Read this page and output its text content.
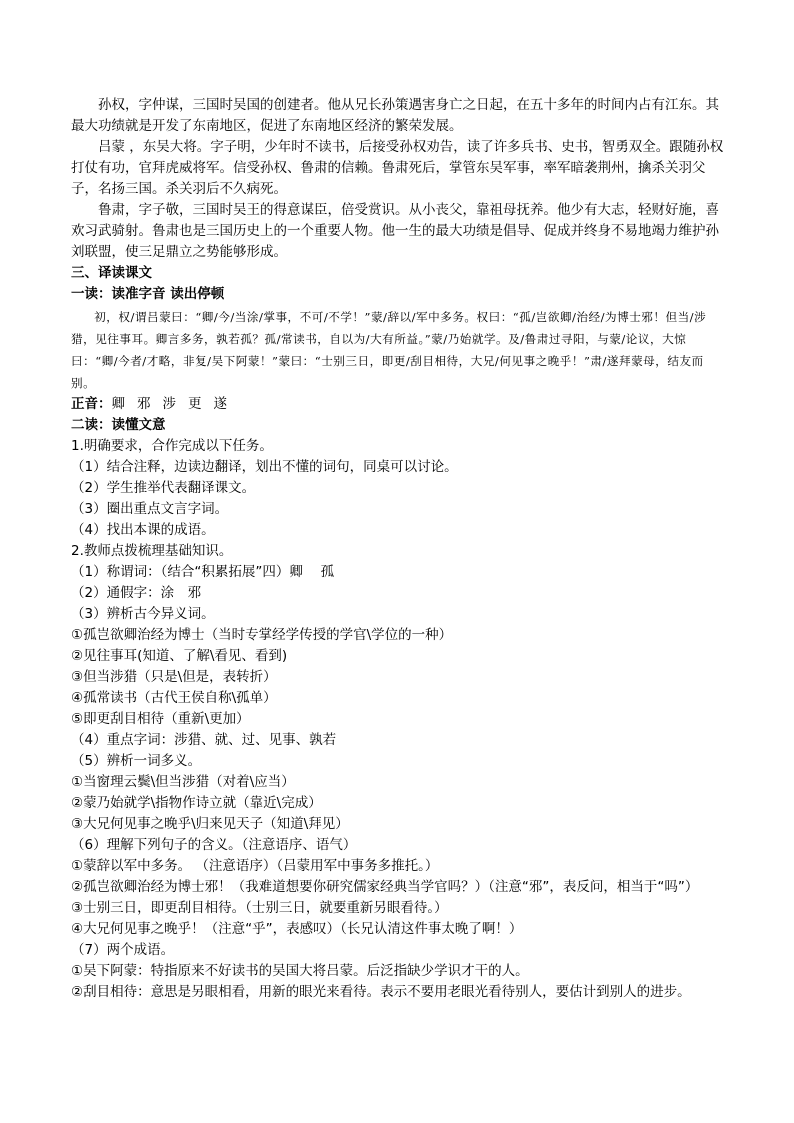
孙权，字仲谋，三国时吴国的创建者。他从兄长孙策遇害身亡之日起，在五十多年的时间内占有江东。其最大功绩就是开发了东南地区，促进了东南地区经济的繁荣发展。

吕蒙 ，东吴大将。字子明，少年时不读书，后接受孙权劝告，读了许多兵书、史书，智勇双全。跟随孙权打仗有功，官拜虎威将军。信受孙权、鲁肃的信赖。鲁肃死后，掌管东吴军事，率军暗袭荆州，擒杀关羽父子，名扬三国。杀关羽后不久病死。

鲁肃，字子敬，三国时吴王的得意谋臣，倍受赏识。从小丧父，靠祖母抚养。他少有大志，轻财好施，喜欢习武骑射。鲁肃也是三国历史上的一个重要人物。他一生的最大功绩是倡导、促成并终身不易地竭力维护孙刘联盟，使三足鼎立之势能够形成。

三、译读课文
一读：读准字音 读出停顿

初，权/谓吕蒙曰：“卿/今/当涂/掌事，不可/不学！”蒙/辞以/军中多务。权曰：“孤/岂欲卿/治经/为博士邪！但当/涉猎，见往事耳。卿言多务，孰若孤？孤/常读书，自以为/大有所益。”蒙/乃始就学。及/鲁肃过寻阳，与蒙/论议，大惊曰：“卿/今者/才略，非复/吴下阿蒙！”蒙曰：“士别三日，即更/刮目相待，大兄/何见事之晚乎！”肃/遂拜蒙母，结友而别。

正音：卿 邪 涉 更 遂
二读：读懂文意
1.明确要求，合作完成以下任务。
（1）结合注释，边读边翻译，划出不懂的词句，同桌可以讨论。
（2）学生推举代表翻译课文。
（3）圈出重点文言字词。
（4）找出本课的成语。
2.教师点拨梳理基础知识。
（1）称谓词：（结合“积累拓展”四）卿　 孤
（2）通假字：涂　邪
（3）辨析古今异义词。
①孤岂欲卿治经为博士（当时专掌经学传授的学官\学位的一种）
②见往事耳(知道、了解\看见、看到)
③但当涉猎（只是\但是，表转折）
④孤常读书（古代王侯自称\孤单）
⑤即更刮目相待（重新\更加）
（4）重点字词：涉猎、就、过、见事、孰若
（5）辨析一词多义。
①当窗理云鬓\但当涉猎（对着\应当）
②蒙乃始就学\指物作诗立就（靠近\完成）
③大兄何见事之晚乎\归来见天子（知道\拜见）
（6）理解下列句子的含义。（注意语序、语气）
①蒙辞以军中多务。 （注意语序）（吕蒙用军中事务多推托。）

②孤岂欲卿治经为博士邪！（我难道想要你研究儒家经典当学官吗？）（注意“邪”，表反问，相当于“吗”）

③士别三日，即更刮目相待。（士别三日，就要重新另眼看待。）
④大兄何见事之晚乎！（注意“乎”，表感叹）（长兄认清这件事太晚了啊！）
（7）两个成语。
①吴下阿蒙：特指原来不好读书的吴国大将吕蒙。后泛指缺少学识才干的人。
②刮目相待：意思是另眼相看，用新的眼光来看待。表示不要用老眼光看待别人，要估计到别人的进步。
